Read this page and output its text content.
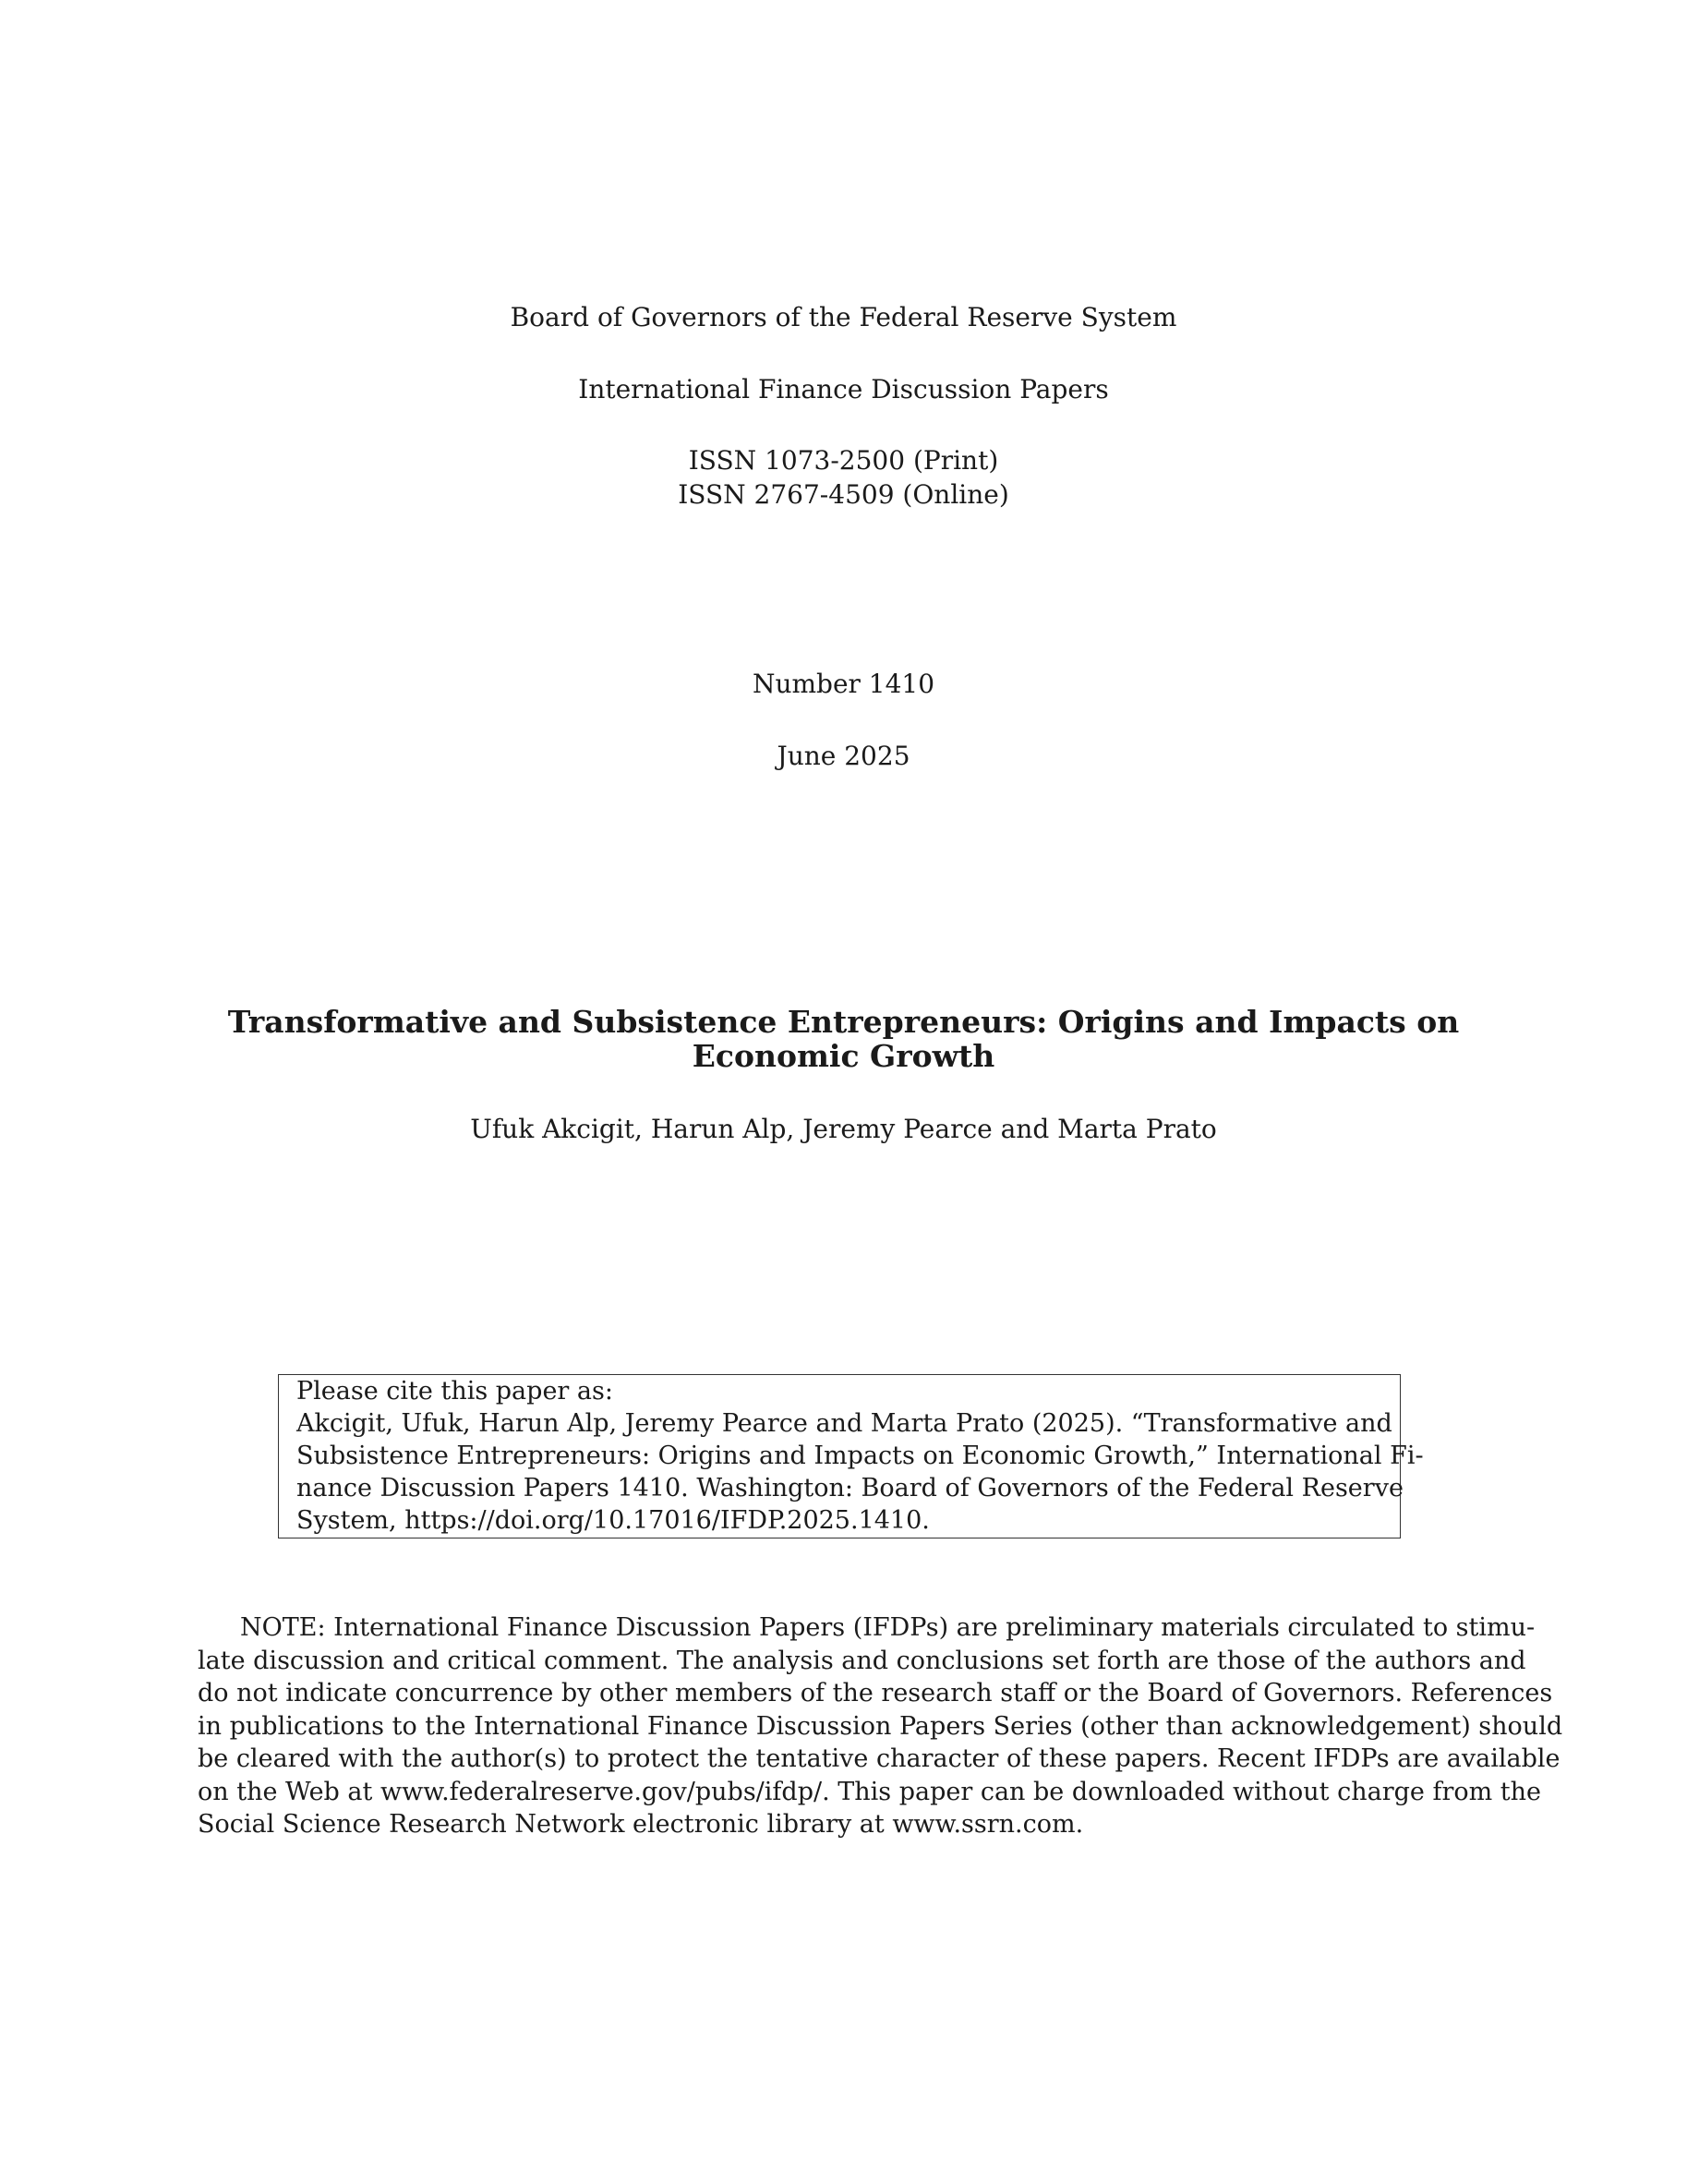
Board of Governors of the Federal Reserve System
International Finance Discussion Papers
ISSN 1073-2500 (Print)
ISSN 2767-4509 (Online)
Number 1410
June 2025
Transformative and Subsistence Entrepreneurs: Origins and Impacts on
Economic Growth
Ufuk Akcigit, Harun Alp, Jeremy Pearce and Marta Prato
Please cite this paper as:
Akcigit, Ufuk, Harun Alp, Jeremy Pearce and Marta Prato (2025). “Transformative and
Subsistence Entrepreneurs: Origins and Impacts on Economic Growth,” International Fi-
nance Discussion Papers 1410. Washington: Board of Governors of the Federal Reserve
System, https://doi.org/10.17016/IFDP.2025.1410.
NOTE: International Finance Discussion Papers (IFDPs) are preliminary materials circulated to stimu-
late discussion and critical comment. The analysis and conclusions set forth are those of the authors and
do not indicate concurrence by other members of the research staff or the Board of Governors. References
in publications to the International Finance Discussion Papers Series (other than acknowledgement) should
be cleared with the author(s) to protect the tentative character of these papers. Recent IFDPs are available
on the Web at www.federalreserve.gov/pubs/ifdp/. This paper can be downloaded without charge from the
Social Science Research Network electronic library at www.ssrn.com.
